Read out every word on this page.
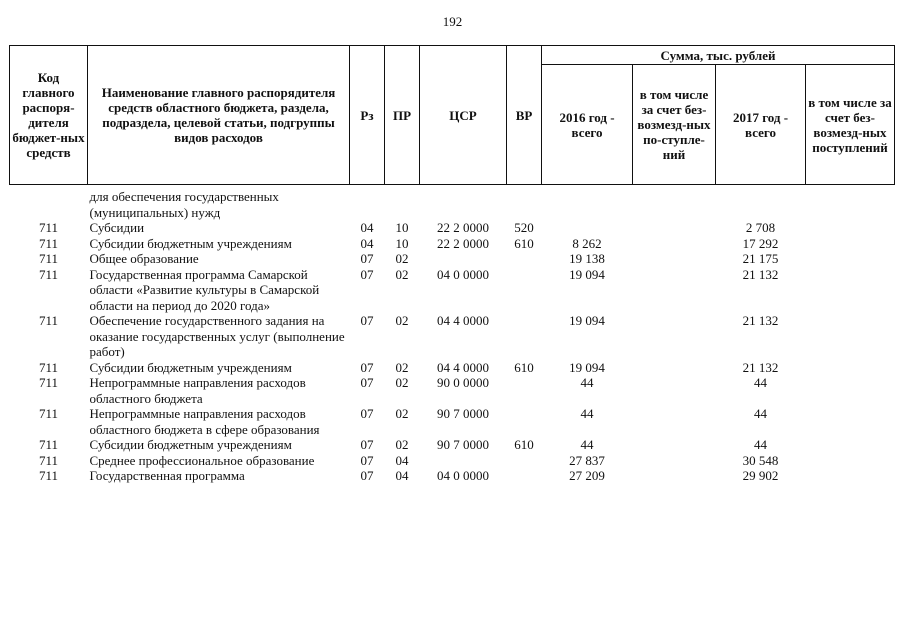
192
Код главного распоря-дителя бюджет-ных средств	Наименование главного распорядителя средств областного бюджета, раздела, подраздела, целевой статьи, подгруппы видов расходов	Рз	ПР	ЦСР	ВР	Сумма, тыс. рублей			
						2016 год - всего	в том числе за счет без-возмезд-ных по-ступле-ний	2017 год - всего	в том числе за счет без-возмезд-ных поступлений

	для обеспечения государственных (муниципальных) нужд								
711	Субсидии	04	10	22 2 0000	520			2 708	
711	Субсидии бюджетным учреждениям	04	10	22 2 0000	610	8 262		17 292	
711	Общее образование	07	02			19 138		21 175	
711	Государственная программа Самарской области «Развитие культуры в Самарской области на период до 2020 года»	07	02	04 0 0000		19 094		21 132	
711	Обеспечение государственного задания на оказание государственных услуг (выполнение работ)	07	02	04 4 0000		19 094		21 132	
711	Субсидии бюджетным учреждениям	07	02	04 4 0000	610	19 094		21 132	
711	Непрограммные направления расходов областного бюджета	07	02	90 0 0000		44		44	
711	Непрограммные направления расходов областного бюджета в сфере образования	07	02	90 7 0000		44		44	
711	Субсидии бюджетным учреждениям	07	02	90 7 0000	610	44		44	
711	Среднее профессиональное образование	07	04			27 837		30 548	
711	Государственная программа	07	04	04 0 0000		27 209		29 902	
